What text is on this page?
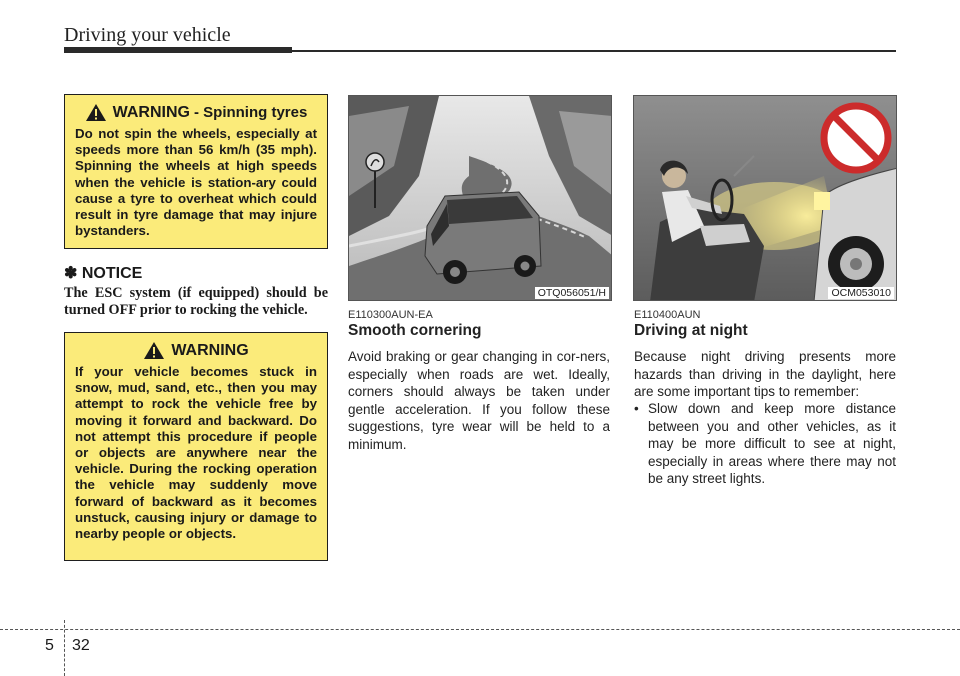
Driving your vehicle
WARNING - Spinning tyres
Do not spin the wheels, especially at speeds more than 56 km/h (35 mph). Spinning the wheels at high speeds when the vehicle is station-ary could cause a tyre to overheat which could result in tyre damage that may injure bystanders.
✽ NOTICE
The ESC system (if equipped) should be turned OFF prior to rocking the vehicle.
WARNING
If your vehicle becomes stuck in snow, mud, sand, etc., then you may attempt to rock the vehicle free by moving it forward and backward. Do not attempt this procedure if people or objects are anywhere near the vehicle. During the rocking operation the vehicle may suddenly move forward of backward as it becomes unstuck, causing injury or damage to nearby people or objects.
OTQ056051/H	OCM053010
E110300AUN-EA
Smooth cornering
Avoid braking or gear changing in cor-ners, especially when roads are wet. Ideally, corners should always be taken under gentle acceleration. If you follow these suggestions, tyre wear will be held to a minimum.
E110400AUN
Driving at night
Because night driving presents more hazards than driving in the daylight, here are some important tips to remember:
• Slow down and keep more distance between you and other vehicles, as it may be more difficult to see at night, especially in areas where there may not be any street lights.
5 32
